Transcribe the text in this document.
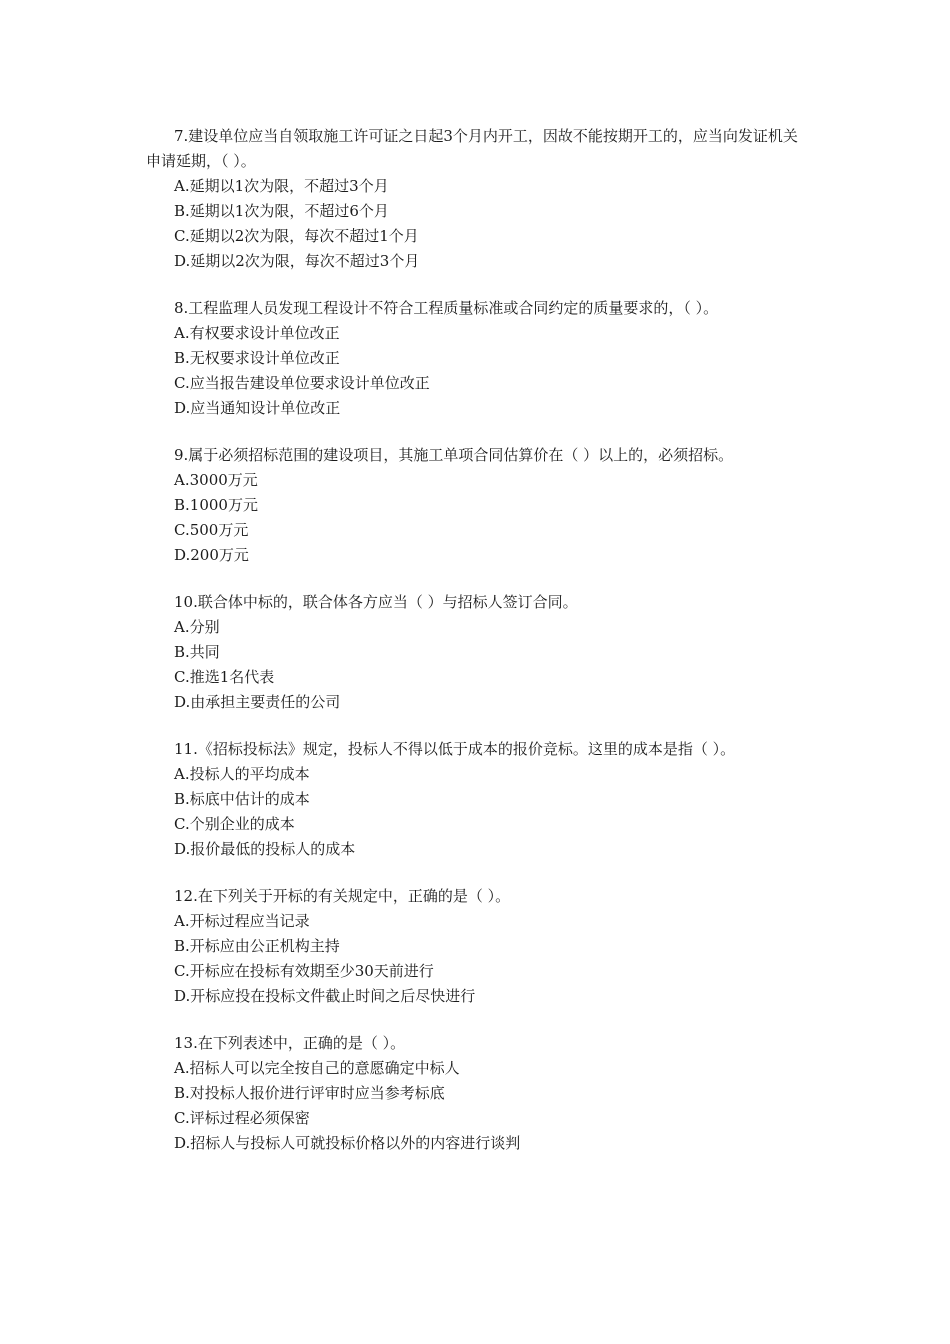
7.建设单位应当自领取施工许可证之日起3个月内开工，因故不能按期开工的，应当向发证机关申请延期，（ ）。

A.延期以1次为限，不超过3个月

B.延期以1次为限，不超过6个月

C.延期以2次为限，每次不超过1个月

D.延期以2次为限，每次不超过3个月

8.工程监理人员发现工程设计不符合工程质量标准或合同约定的质量要求的，（ ）。

A.有权要求设计单位改正

B.无权要求设计单位改正

C.应当报告建设单位要求设计单位改正

D.应当通知设计单位改正

9.属于必须招标范围的建设项目，其施工单项合同估算价在（ ）以上的，必须招标。

A.3000万元

B.1000万元

C.500万元

D.200万元

10.联合体中标的，联合体各方应当（ ）与招标人签订合同。

A.分别

B.共同

C.推选1名代表

D.由承担主要责任的公司

11.《招标投标法》规定，投标人不得以低于成本的报价竞标。这里的成本是指（ ）。

A.投标人的平均成本

B.标底中估计的成本

C.个别企业的成本

D.报价最低的投标人的成本

12.在下列关于开标的有关规定中，正确的是（ ）。

A.开标过程应当记录

B.开标应由公正机构主持

C.开标应在投标有效期至少30天前进行

D.开标应投在投标文件截止时间之后尽快进行

13.在下列表述中，正确的是（ ）。

A.招标人可以完全按自己的意愿确定中标人

B.对投标人报价进行评审时应当参考标底

C.评标过程必须保密

D.招标人与投标人可就投标价格以外的内容进行谈判
